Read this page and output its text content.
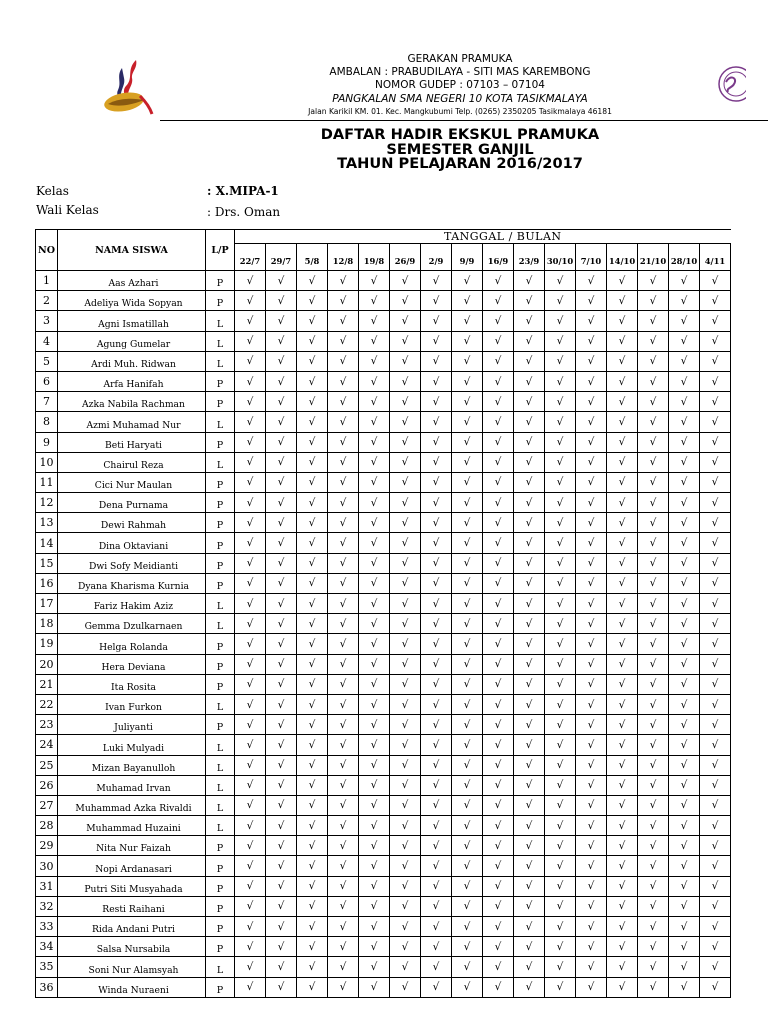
GERAKAN PRAMUKA
AMBALAN : PRABUDILAYA - SITI MAS KAREMBONG
NOMOR GUDEP : 07103 – 07104
PANGKALAN SMA NEGERI 10 KOTA TASIKMALAYA
Jalan Karikil KM. 01. Kec. Mangkubumi Telp. (0265) 2350205 Tasikmalaya 46181
DAFTAR HADIR EKSKUL PRAMUKA
SEMESTER GANJIL
TAHUN PELAJARAN 2016/2017
Kelas	: X.MIPA-1
Wali Kelas	: Drs. Oman
NO	NAMA SISWA	L/P	TANGGAL / BULAN															
			22/7	29/7	5/8	12/8	19/8	26/9	2/9	9/9	16/9	23/9	30/10	7/10	14/10	21/10	28/10	4/11
1	Aas Azhari	P	√	√	√	√	√	√	√	√	√	√	√	√	√	√	√	√
2	Adeliya Wida Sopyan	P	√	√	√	√	√	√	√	√	√	√	√	√	√	√	√	√
3	Agni Ismatillah	L	√	√	√	√	√	√	√	√	√	√	√	√	√	√	√	√
4	Agung Gumelar	L	√	√	√	√	√	√	√	√	√	√	√	√	√	√	√	√
5	Ardi Muh. Ridwan	L	√	√	√	√	√	√	√	√	√	√	√	√	√	√	√	√
6	Arfa Hanifah	P	√	√	√	√	√	√	√	√	√	√	√	√	√	√	√	√
7	Azka Nabila Rachman	P	√	√	√	√	√	√	√	√	√	√	√	√	√	√	√	√
8	Azmi Muhamad Nur	L	√	√	√	√	√	√	√	√	√	√	√	√	√	√	√	√
9	Beti Haryati	P	√	√	√	√	√	√	√	√	√	√	√	√	√	√	√	√
10	Chairul Reza	L	√	√	√	√	√	√	√	√	√	√	√	√	√	√	√	√
11	Cici Nur Maulan	P	√	√	√	√	√	√	√	√	√	√	√	√	√	√	√	√
12	Dena Purnama	P	√	√	√	√	√	√	√	√	√	√	√	√	√	√	√	√
13	Dewi Rahmah	P	√	√	√	√	√	√	√	√	√	√	√	√	√	√	√	√
14	Dina Oktaviani	P	√	√	√	√	√	√	√	√	√	√	√	√	√	√	√	√
15	Dwi Sofy Meidianti	P	√	√	√	√	√	√	√	√	√	√	√	√	√	√	√	√
16	Dyana Kharisma Kurnia	P	√	√	√	√	√	√	√	√	√	√	√	√	√	√	√	√
17	Fariz Hakim Aziz	L	√	√	√	√	√	√	√	√	√	√	√	√	√	√	√	√
18	Gemma Dzulkarnaen	L	√	√	√	√	√	√	√	√	√	√	√	√	√	√	√	√
19	Helga Rolanda	P	√	√	√	√	√	√	√	√	√	√	√	√	√	√	√	√
20	Hera Deviana	P	√	√	√	√	√	√	√	√	√	√	√	√	√	√	√	√
21	Ita Rosita	P	√	√	√	√	√	√	√	√	√	√	√	√	√	√	√	√
22	Ivan Furkon	L	√	√	√	√	√	√	√	√	√	√	√	√	√	√	√	√
23	Juliyanti	P	√	√	√	√	√	√	√	√	√	√	√	√	√	√	√	√
24	Luki Mulyadi	L	√	√	√	√	√	√	√	√	√	√	√	√	√	√	√	√
25	Mizan Bayanulloh	L	√	√	√	√	√	√	√	√	√	√	√	√	√	√	√	√
26	Muhamad Irvan	L	√	√	√	√	√	√	√	√	√	√	√	√	√	√	√	√
27	Muhammad Azka Rivaldi	L	√	√	√	√	√	√	√	√	√	√	√	√	√	√	√	√
28	Muhammad Huzaini	L	√	√	√	√	√	√	√	√	√	√	√	√	√	√	√	√
29	Nita Nur Faizah	P	√	√	√	√	√	√	√	√	√	√	√	√	√	√	√	√
30	Nopi Ardanasari	P	√	√	√	√	√	√	√	√	√	√	√	√	√	√	√	√
31	Putri Siti Musyahada	P	√	√	√	√	√	√	√	√	√	√	√	√	√	√	√	√
32	Resti Raihani	P	√	√	√	√	√	√	√	√	√	√	√	√	√	√	√	√
33	Rida Andani Putri	P	√	√	√	√	√	√	√	√	√	√	√	√	√	√	√	√
34	Salsa Nursabila	P	√	√	√	√	√	√	√	√	√	√	√	√	√	√	√	√
35	Soni Nur Alamsyah	L	√	√	√	√	√	√	√	√	√	√	√	√	√	√	√	√
36	Winda Nuraeni	P	√	√	√	√	√	√	√	√	√	√	√	√	√	√	√	√
